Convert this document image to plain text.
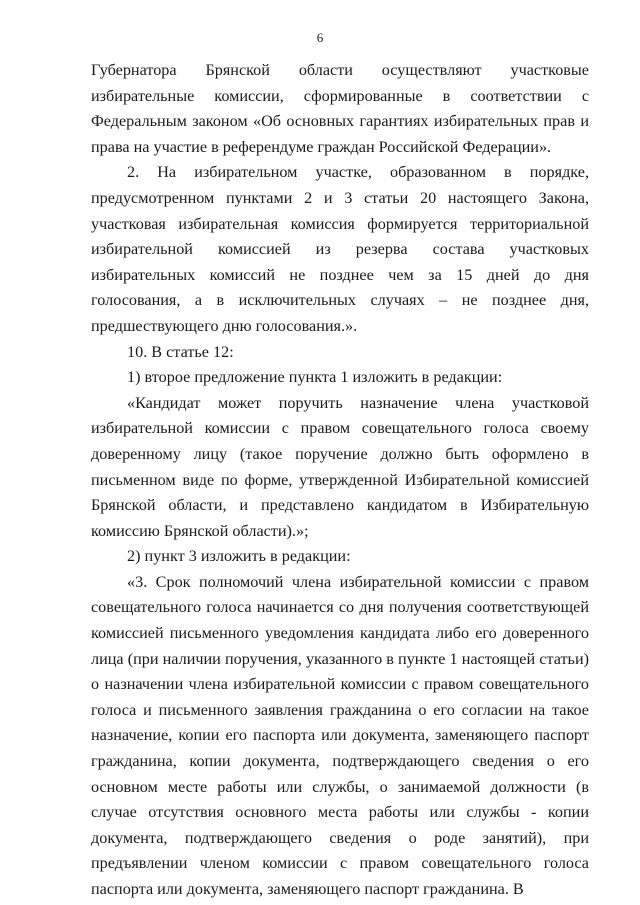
6

Губернатора Брянской области осуществляют участковые избирательные комиссии, сформированные в соответствии с Федеральным законом «Об основных гарантиях избирательных прав и права на участие в референдуме граждан Российской Федерации».

2. На избирательном участке, образованном в порядке, предусмотренном пунктами 2 и 3 статьи 20 настоящего Закона, участковая избирательная комиссия формируется территориальной избирательной комиссией из резерва состава участковых избирательных комиссий не позднее чем за 15 дней до дня голосования, а в исключительных случаях – не позднее дня, предшествующего дню голосования.».

10. В статье 12:

1) второе предложение пункта 1 изложить в редакции:

«Кандидат может поручить назначение члена участковой избирательной комиссии с правом совещательного голоса своему доверенному лицу (такое поручение должно быть оформлено в письменном виде по форме, утвержденной Избирательной комиссией Брянской области, и представлено кандидатом в Избирательную комиссию Брянской области).»;

2) пункт 3 изложить в редакции:

«3. Срок полномочий члена избирательной комиссии с правом совещательного голоса начинается со дня получения соответствующей комиссией письменного уведомления кандидата либо его доверенного лица (при наличии поручения, указанного в пункте 1 настоящей статьи) о назначении члена избирательной комиссии с правом совещательного голоса и письменного заявления гражданина о его согласии на такое назначение, копии его паспорта или документа, заменяющего паспорт гражданина, копии документа, подтверждающего сведения о его основном месте работы или службы, о занимаемой должности (в случае отсутствия основного места работы или службы - копии документа, подтверждающего сведения о роде занятий), при предъявлении членом комиссии с правом совещательного голоса паспорта или документа, заменяющего паспорт гражданина. В
